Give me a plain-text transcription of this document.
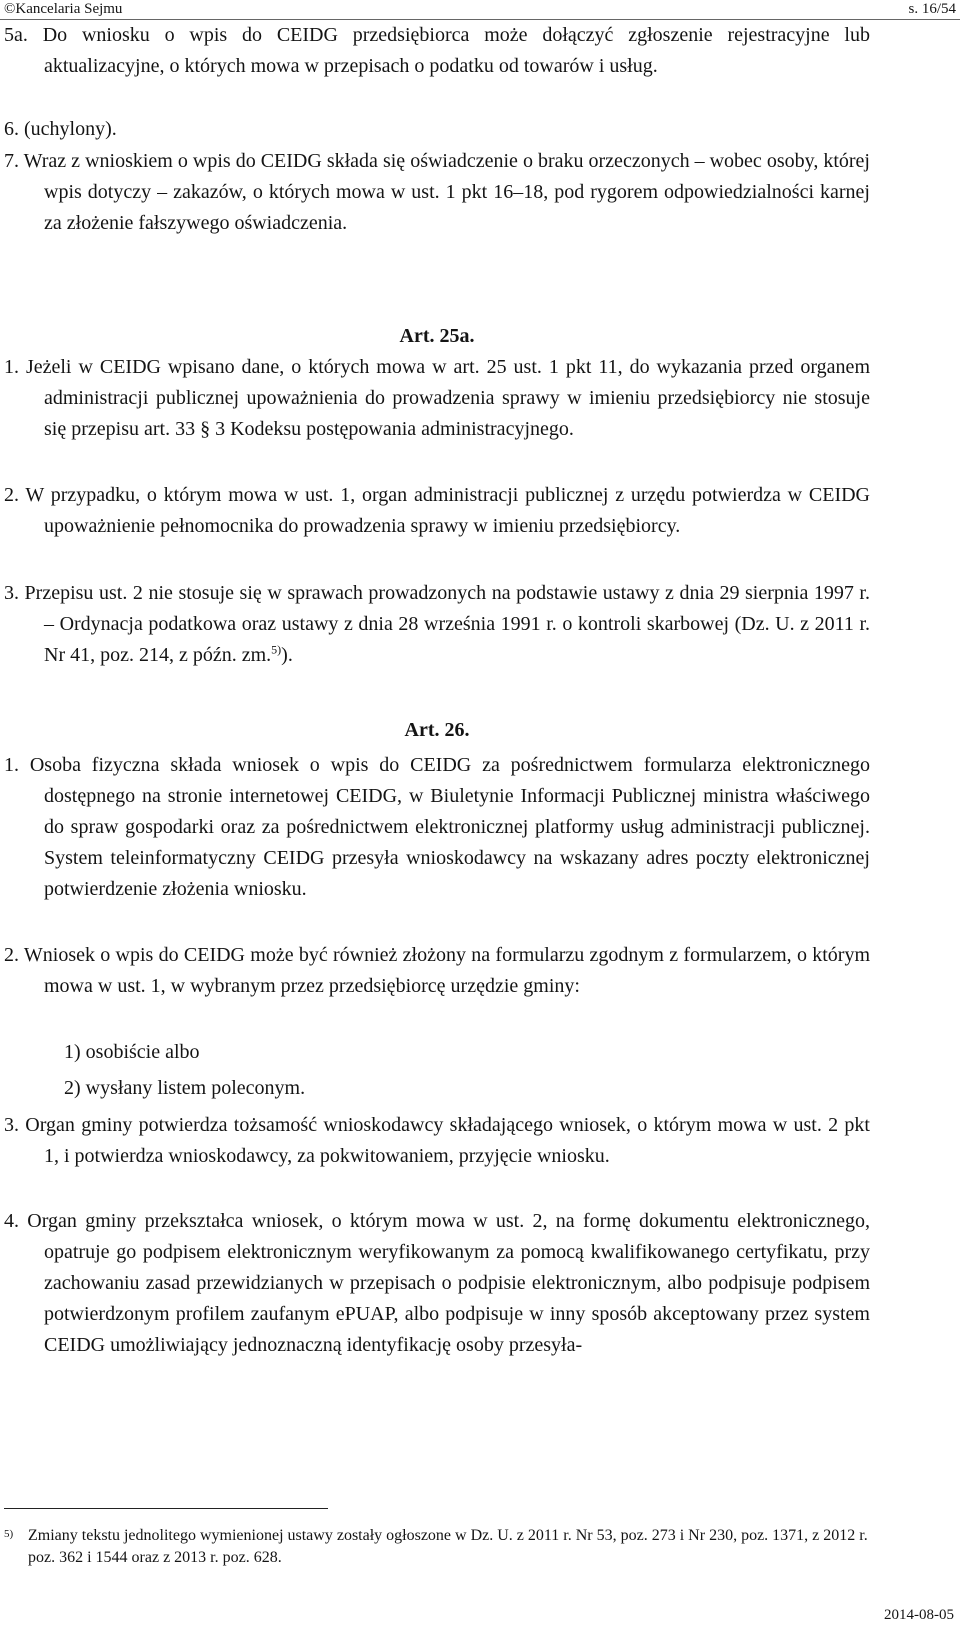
©Kancelaria Sejmu	s. 16/54

5a. Do wniosku o wpis do CEIDG przedsiębiorca może dołączyć zgłoszenie rejestracyjne lub aktualizacyjne, o których mowa w przepisach o podatku od towarów i usług.

6. (uchylony).

7. Wraz z wnioskiem o wpis do CEIDG składa się oświadczenie o braku orzeczonych – wobec osoby, której wpis dotyczy – zakazów, o których mowa w ust. 1 pkt 16–18, pod rygorem odpowiedzialności karnej za złożenie fałszywego oświadczenia.

Art. 25a.

1. Jeżeli w CEIDG wpisano dane, o których mowa w art. 25 ust. 1 pkt 11, do wykazania przed organem administracji publicznej upoważnienia do prowadzenia sprawy w imieniu przedsiębiorcy nie stosuje się przepisu art. 33 § 3 Kodeksu postępowania administracyjnego.

2. W przypadku, o którym mowa w ust. 1, organ administracji publicznej z urzędu potwierdza w CEIDG upoważnienie pełnomocnika do prowadzenia sprawy w imieniu przedsiębiorcy.

3. Przepisu ust. 2 nie stosuje się w sprawach prowadzonych na podstawie ustawy z dnia 29 sierpnia 1997 r. – Ordynacja podatkowa oraz ustawy z dnia 28 września 1991 r. o kontroli skarbowej (Dz. U. z 2011 r. Nr 41, poz. 214, z późn. zm.$^{5)}$).

Art. 26.

1. Osoba fizyczna składa wniosek o wpis do CEIDG za pośrednictwem formularza elektronicznego dostępnego na stronie internetowej CEIDG, w Biuletynie Informacji Publicznej ministra właściwego do spraw gospodarki oraz za pośrednictwem elektronicznej platformy usług administracji publicznej. System teleinformatyczny CEIDG przesyła wnioskodawcy na wskazany adres poczty elektronicznej potwierdzenie złożenia wniosku.

2. Wniosek o wpis do CEIDG może być również złożony na formularzu zgodnym z formularzem, o którym mowa w ust. 1, w wybranym przez przedsiębiorcę urzędzie gminy:

1) osobiście albo
2) wysłany listem poleconym.

3. Organ gminy potwierdza tożsamość wnioskodawcy składającego wniosek, o którym mowa w ust. 2 pkt 1, i potwierdza wnioskodawcy, za pokwitowaniem, przyjęcie wniosku.

4. Organ gminy przekształca wniosek, o którym mowa w ust. 2, na formę dokumentu elektronicznego, opatruje go podpisem elektronicznym weryfikowanym za pomocą kwalifikowanego certyfikatu, przy zachowaniu zasad przewidzianych w przepisach o podpisie elektronicznym, albo podpisuje podpisem potwierdzonym profilem zaufanym ePUAP, albo podpisuje w inny sposób akceptowany przez system CEIDG umożliwiający jednoznaczną identyfikację osoby przesyła-

$^{5)}$ Zmiany tekstu jednolitego wymienionej ustawy zostały ogłoszone w Dz. U. z 2011 r. Nr 53, poz. 273 i Nr 230, poz. 1371, z 2012 r. poz. 362 i 1544 oraz z 2013 r. poz. 628.
2014-08-05
